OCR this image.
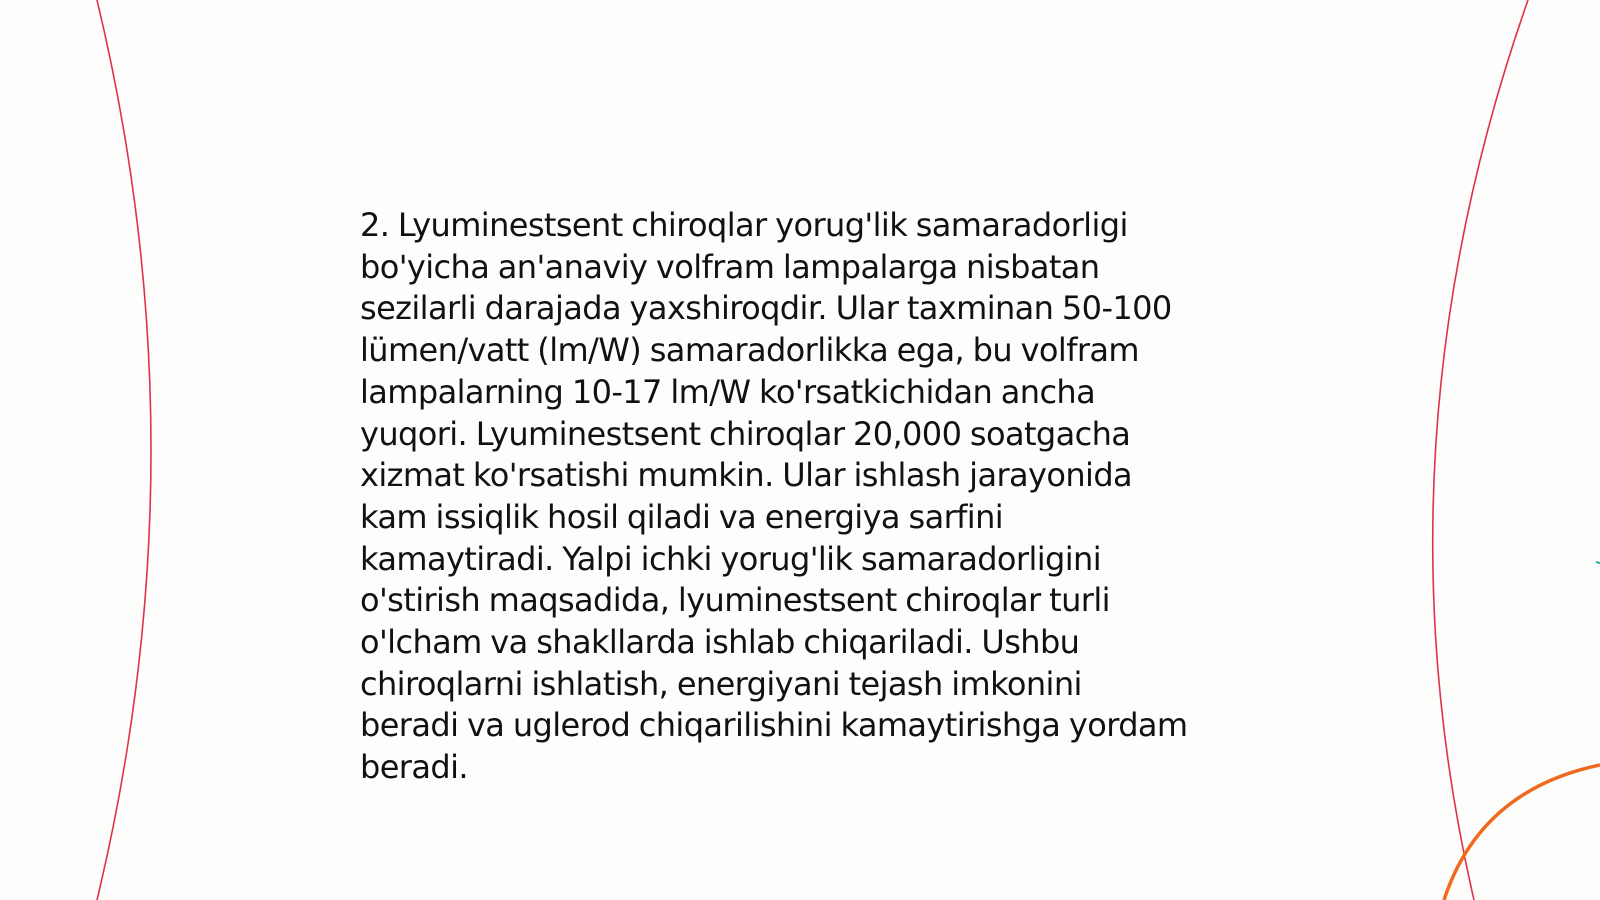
2. Lyuminestsent chiroqlar yorug'lik samaradorligi
bo'yicha an'anaviy volfram lampalarga nisbatan
sezilarli darajada yaxshiroqdir. Ular taxminan 50-100
lümen/vatt (lm/W) samaradorlikka ega, bu volfram
lampalarning 10-17 lm/W ko'rsatkichidan ancha
yuqori. Lyuminestsent chiroqlar 20,000 soatgacha
xizmat ko'rsatishi mumkin. Ular ishlash jarayonida
kam issiqlik hosil qiladi va energiya sarfini
kamaytiradi. Yalpi ichki yorug'lik samaradorligini
o'stirish maqsadida, lyuminestsent chiroqlar turli
o'lcham va shakllarda ishlab chiqariladi. Ushbu
chiroqlarni ishlatish, energiyani tejash imkonini
beradi va uglerod chiqarilishini kamaytirishga yordam
beradi.
